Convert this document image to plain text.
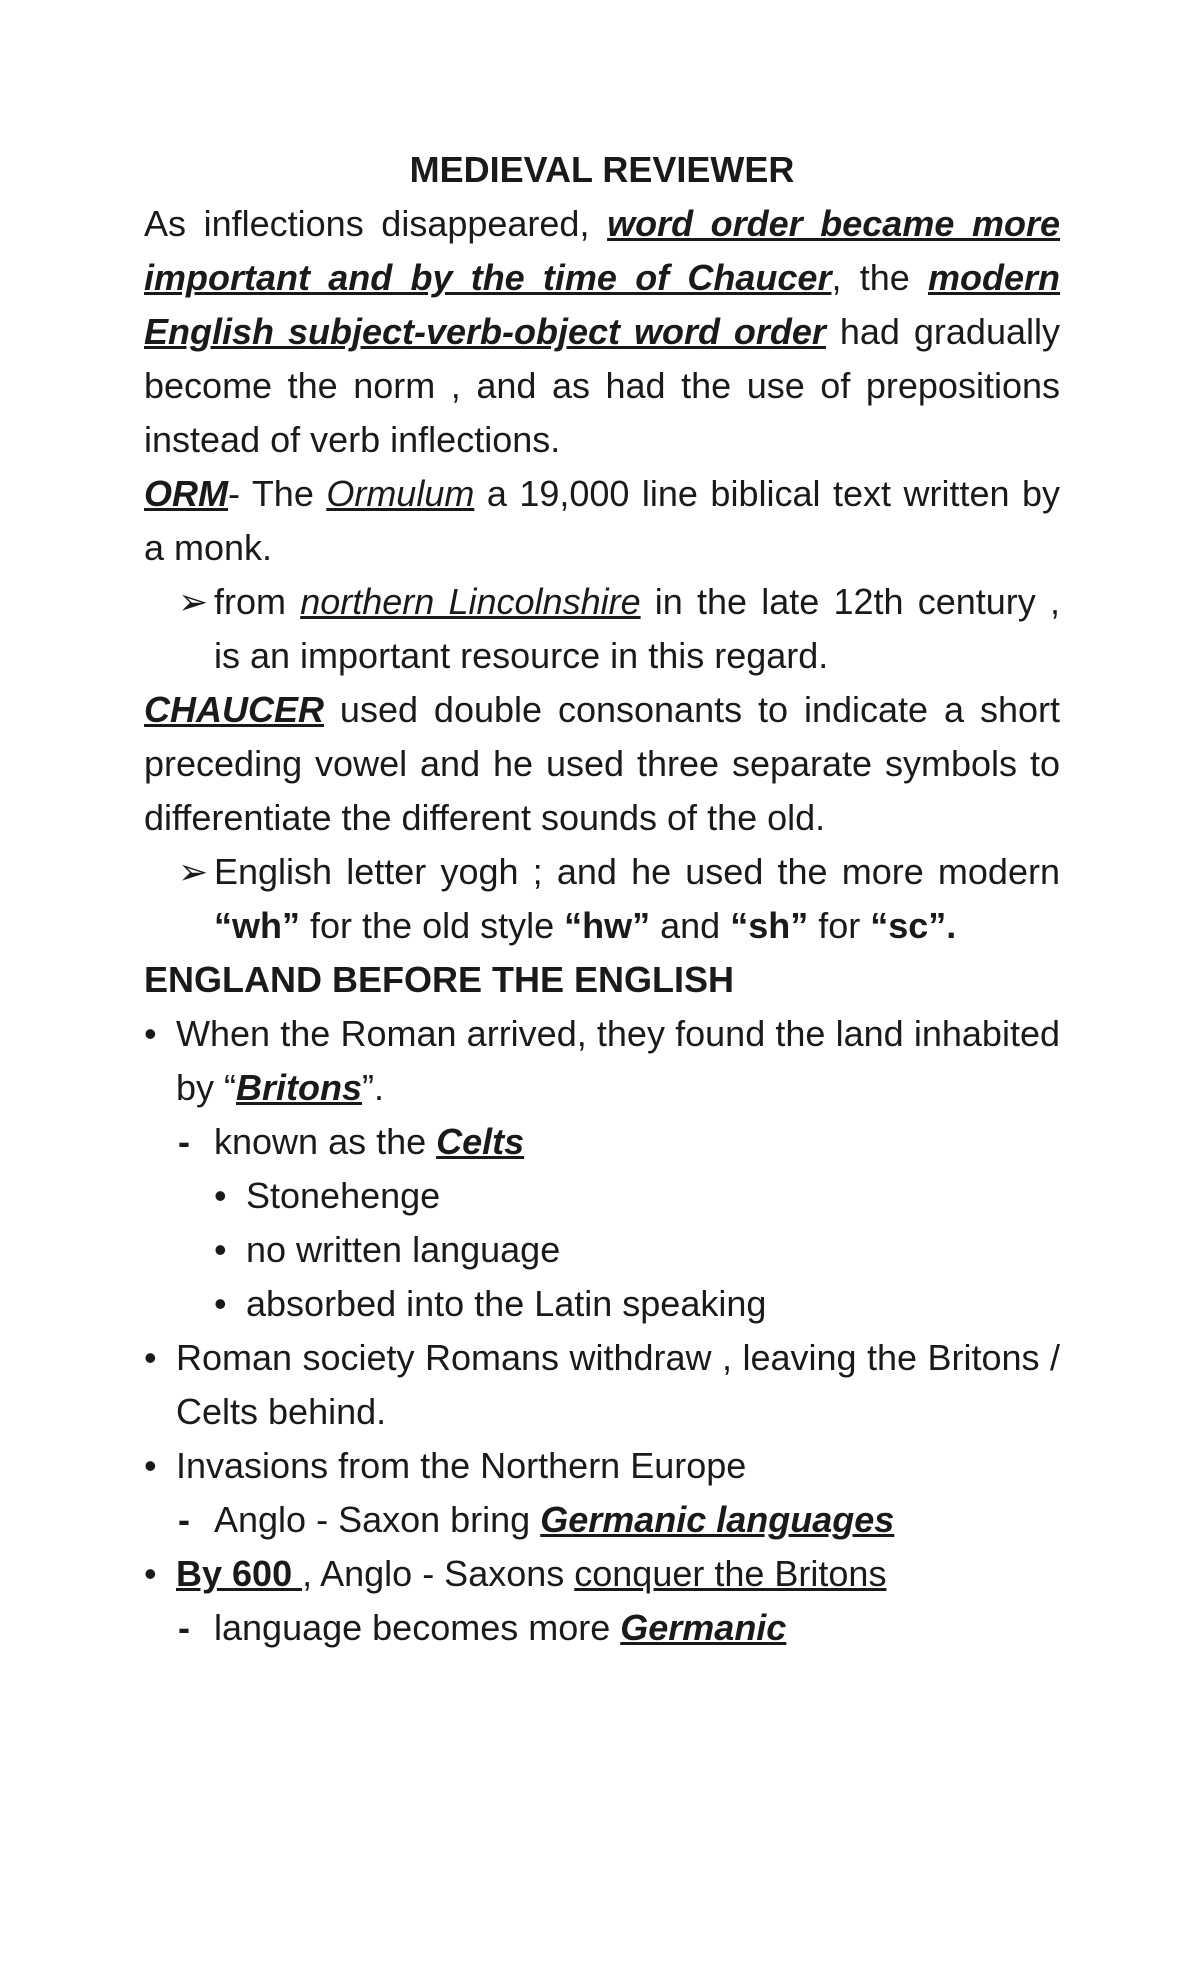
MEDIEVAL REVIEWER

As inflections disappeared, word order became more important and by the time of Chaucer, the modern English subject-verb-object word order had gradually become the norm , and as had the use of prepositions instead of verb inflections.

ORM- The Ormulum a 19,000 line biblical text written by a monk.

➢ from northern Lincolnshire in the late 12th century , is an important resource in this regard.

CHAUCER used double consonants to indicate a short preceding vowel and he used three separate symbols to differentiate the different sounds of the old.

➢ English letter yogh ; and he used the more modern “wh” for the old style “hw” and “sh” for “sc”.

ENGLAND BEFORE THE ENGLISH

• When the Roman arrived, they found the land inhabited by “Britons”.
- known as the Celts
• Stonehenge
• no written language
• absorbed into the Latin speaking
• Roman society Romans withdraw , leaving the Britons / Celts behind.
• Invasions from the Northern Europe
- Anglo - Saxon bring Germanic languages
• By 600 , Anglo - Saxons conquer the Britons
- language becomes more Germanic
